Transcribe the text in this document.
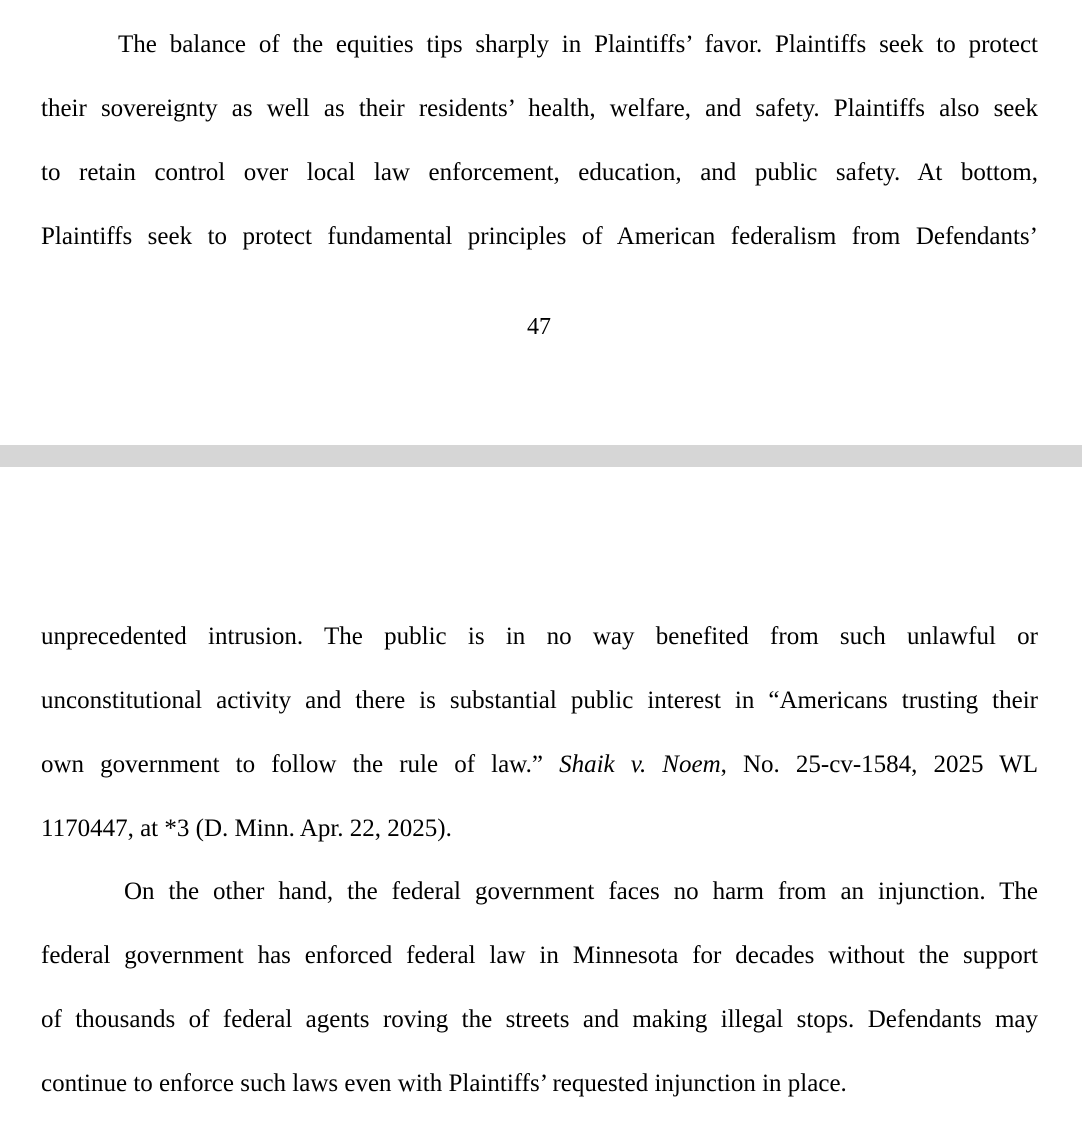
The balance of the equities tips sharply in Plaintiffs’ favor. Plaintiffs seek to protect

their sovereignty as well as their residents’ health, welfare, and safety. Plaintiffs also seek

to retain control over local law enforcement, education, and public safety. At bottom,

Plaintiffs seek to protect fundamental principles of American federalism from Defendants’

47

unprecedented intrusion. The public is in no way benefited from such unlawful or

unconstitutional activity and there is substantial public interest in “Americans trusting their

own government to follow the rule of law.” Shaik v. Noem, No. 25-cv-1584, 2025 WL

1170447, at *3 (D. Minn. Apr. 22, 2025).

On the other hand, the federal government faces no harm from an injunction. The

federal government has enforced federal law in Minnesota for decades without the support

of thousands of federal agents roving the streets and making illegal stops. Defendants may

continue to enforce such laws even with Plaintiffs’ requested injunction in place.
